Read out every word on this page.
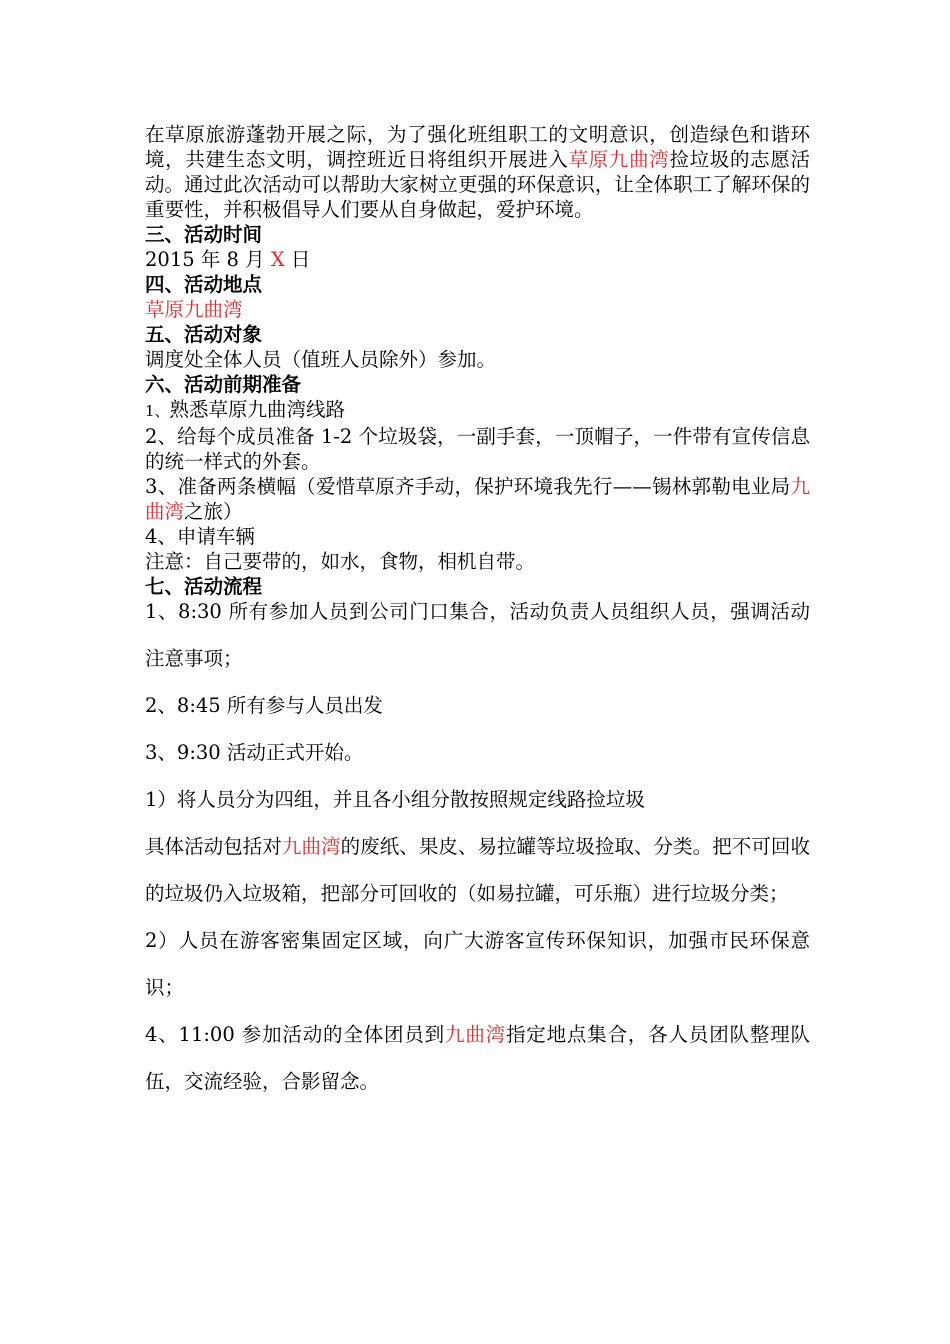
在草原旅游蓬勃开展之际，为了强化班组职工的文明意识，创造绿色和谐环境，共建生态文明，调控班近日将组织开展进入草原九曲湾捡垃圾的志愿活动。通过此次活动可以帮助大家树立更强的环保意识，让全体职工了解环保的重要性，并积极倡导人们要从自身做起，爱护环境。

三、活动时间

2015 年 8 月 X 日

四、活动地点

草原九曲湾

五、活动对象

调度处全体人员（值班人员除外）参加。

六、活动前期准备

1、熟悉草原九曲湾线路

2、给每个成员准备 1-2 个垃圾袋，一副手套，一顶帽子，一件带有宣传信息的统一样式的外套。

3、准备两条横幅（爱惜草原齐手动，保护环境我先行——锡林郭勒电业局九曲湾之旅）

4、申请车辆

注意：自己要带的，如水，食物，相机自带。

七、活动流程

1、8:30 所有参加人员到公司门口集合，活动负责人员组织人员，强调活动注意事项；

2、8:45 所有参与人员出发

3、9:30 活动正式开始。

1）将人员分为四组，并且各小组分散按照规定线路捡垃圾

具体活动包括对九曲湾的废纸、果皮、易拉罐等垃圾捡取、分类。把不可回收的垃圾仍入垃圾箱，把部分可回收的（如易拉罐，可乐瓶）进行垃圾分类；

2）人员在游客密集固定区域，向广大游客宣传环保知识，加强市民环保意识；

4、11:00 参加活动的全体团员到九曲湾指定地点集合，各人员团队整理队伍，交流经验，合影留念。
